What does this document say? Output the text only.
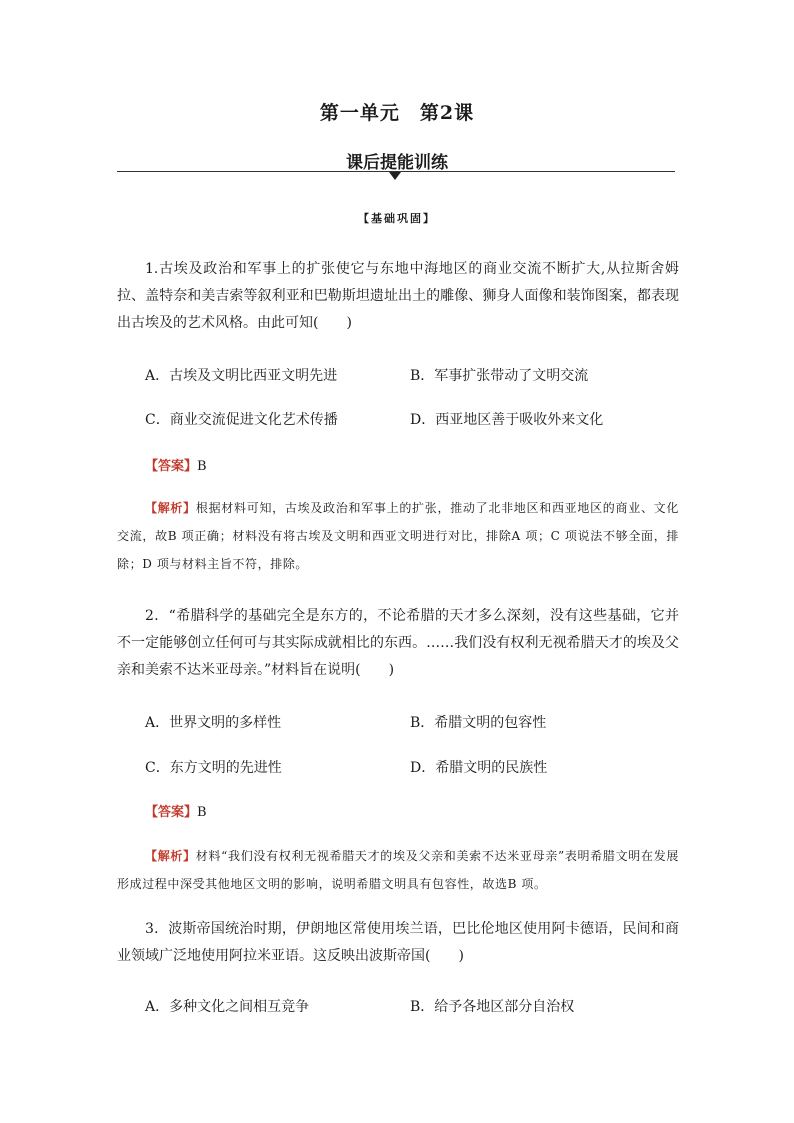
第一单元　第2课
课后提能训练
【基础巩固】
1.古埃及政治和军事上的扩张使它与东地中海地区的商业交流不断扩大,从拉斯舍姆拉、盖特奈和美吉索等叙利亚和巴勒斯坦遗址出土的雕像、狮身人面像和装饰图案，都表现出古埃及的艺术风格。由此可知(　　)
A．古埃及文明比西亚文明先进	B．军事扩张带动了文明交流
C．商业交流促进文化艺术传播	D．西亚地区善于吸收外来文化
【答案】B
【解析】根据材料可知，古埃及政治和军事上的扩张，推动了北非地区和西亚地区的商业、文化交流，故B 项正确；材料没有将古埃及文明和西亚文明进行对比，排除A 项；C 项说法不够全面，排除；D 项与材料主旨不符，排除。
2．“希腊科学的基础完全是东方的，不论希腊的天才多么深刻，没有这些基础，它并不一定能够创立任何可与其实际成就相比的东西。……我们没有权利无视希腊天才的埃及父亲和美索不达米亚母亲。”材料旨在说明(　　)
A．世界文明的多样性	B．希腊文明的包容性
C．东方文明的先进性	D．希腊文明的民族性
【答案】B
【解析】材料“我们没有权利无视希腊天才的埃及父亲和美索不达米亚母亲”表明希腊文明在发展形成过程中深受其他地区文明的影响，说明希腊文明具有包容性，故选B 项。
3．波斯帝国统治时期，伊朗地区常使用埃兰语，巴比伦地区使用阿卡德语，民间和商业领域广泛地使用阿拉米亚语。这反映出波斯帝国(　　)
A．多种文化之间相互竞争	B．给予各地区部分自治权
